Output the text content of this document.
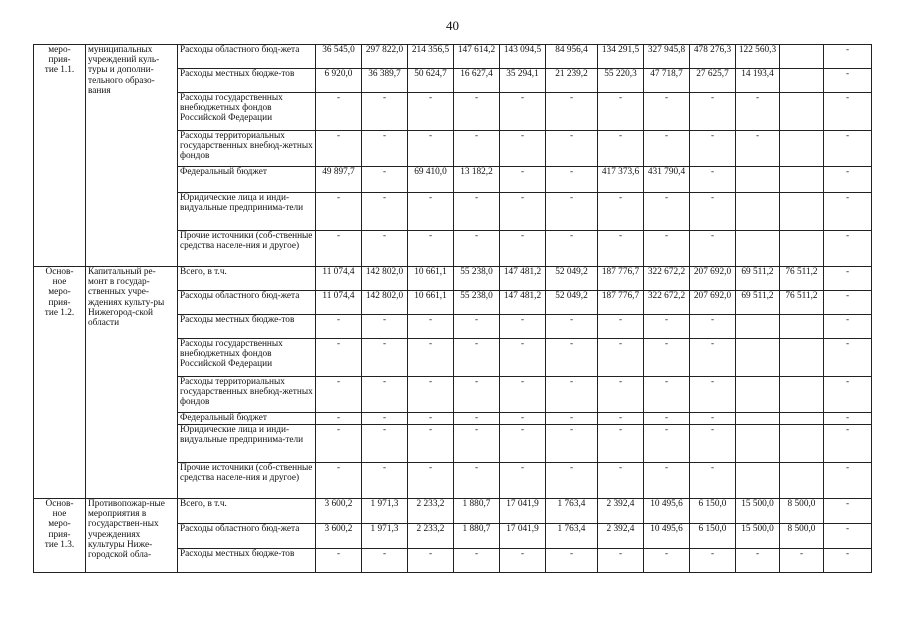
40
меро-
прия-
тие 1.1.	муниципальных учреждений куль-туры и дополни-тельного образо-вания	Расходы областного бюд-жета	36 545,0	297 822,0	214 356,5	147 614,2	143 094,5	84 956,4	134 291,5	327 945,8	478 276,3	122 560,3		-
		Расходы местных бюдже-тов	6 920,0	36 389,7	50 624,7	16 627,4	35 294,1	21 239,2	55 220,3	47 718,7	27 625,7	14 193,4		-
		Расходы государственных внебюджетных фондов Российской Федерации	-	-	-	-	-	-	-	-	-	-		-
		Расходы территориальных государственных внебюд-жетных фондов	-	-	-	-	-	-	-	-	-	-		-
		Федеральный бюджет	49 897,7	-	69 410,0	13 182,2	-	-	417 373,6	431 790,4	-			-
		Юридические лица и инди-видуальные предпринима-тели	-	-	-	-	-	-	-	-	-			-
		Прочие источники (соб-ственные средства населе-ния и другое)	-	-	-	-	-	-	-	-	-			-
Основ-
ное
меро-
прия-
тие 1.2.	Капитальный ре-монт в государ-ственных учре-ждениях культу-ры Нижегород-ской области	Всего, в т.ч.	11 074,4	142 802,0	10 661,1	55 238,0	147 481,2	52 049,2	187 776,7	322 672,2	207 692,0	69 511,2	76 511,2	-
		Расходы областного бюд-жета	11 074,4	142 802,0	10 661,1	55 238,0	147 481,2	52 049,2	187 776,7	322 672,2	207 692,0	69 511,2	76 511,2	-
		Расходы местных бюдже-тов	-	-	-	-	-	-	-	-	-			-
		Расходы государственных внебюджетных фондов Российской Федерации	-	-	-	-	-	-	-	-	-			-
		Расходы территориальных государственных внебюд-жетных фондов	-	-	-	-	-	-	-	-	-			-
		Федеральный бюджет	-	-	-	-	-	-	-	-	-			-
		Юридические лица и инди-видуальные предпринима-тели	-	-	-	-	-	-	-	-	-			-
		Прочие источники (соб-ственные средства населе-ния и другое)	-	-	-	-	-	-	-	-	-			-
Основ-
ное
меро-
прия-
тие 1.3.	Противопожар-ные мероприятия в государствен-ных учреждениях культуры Ниже-городской обла-	Всего, в т.ч.	3 600,2	1 971,3	2 233,2	1 880,7	17 041,9	1 763,4	2 392,4	10 495,6	6 150,0	15 500,0	8 500,0	-
		Расходы областного бюд-жета	3 600,2	1 971,3	2 233,2	1 880,7	17 041,9	1 763,4	2 392,4	10 495,6	6 150,0	15 500,0	8 500,0	-
		Расходы местных бюдже-тов	-	-	-	-	-	-	-	-	-	-	-	-
